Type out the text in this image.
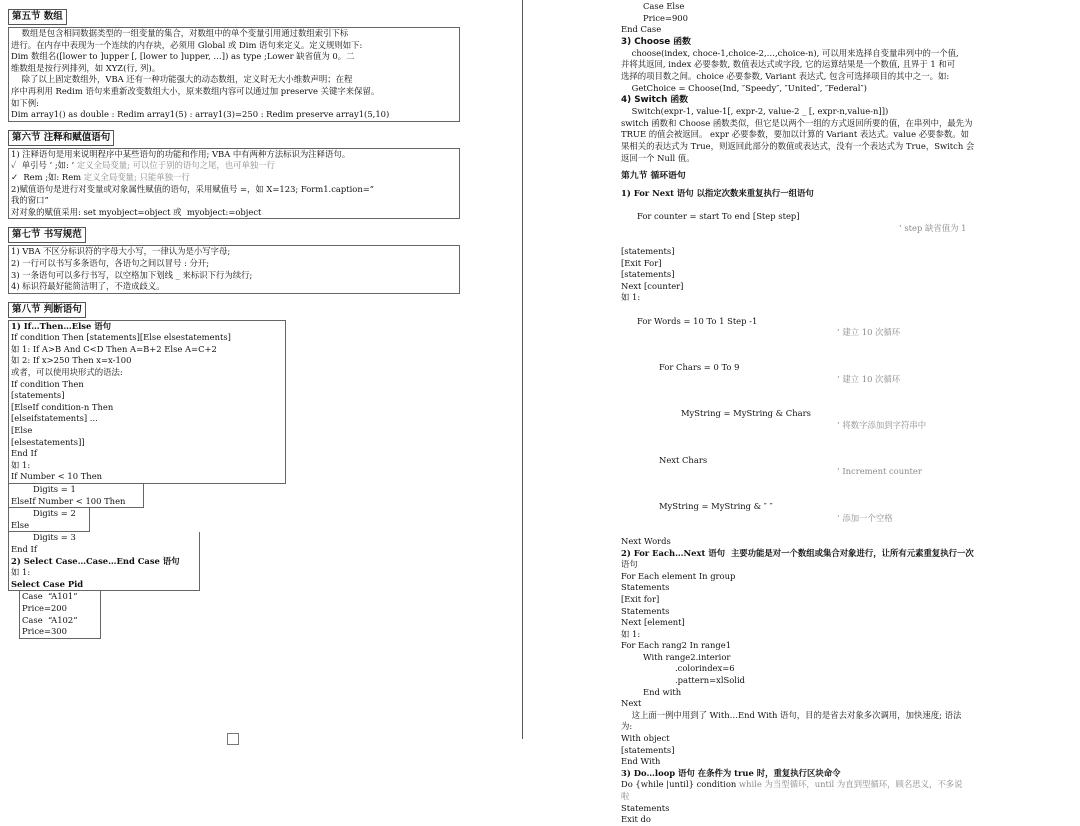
第五节 数组
数组是包含相同数据类型的一组变量的集合，对数组中的单个变量引用通过数组索引下标
进行。在内存中表现为一个连续的内存块，必须用 Global 或 Dim 语句来定义。定义规则如下:
Dim 数组名([lower to ]upper [, [lower to ]upper, …]) as type ;Lower 缺省值为 0。二
维数组是按行列排列，如 XYZ(行, 列)。
除了以上固定数组外，VBA 还有一种功能强大的动态数组，定义时无大小维数声明；在程
序中再利用 Redim 语句来重新改变数组大小，原来数组内容可以通过加 preserve 关键字来保留。
如下例:
Dim array1() as double : Redim array1(5) : array1(3)=250 : Redim preserve array1(5,10)
第六节 注释和赋值语句
1) 注释语句是用来说明程序中某些语句的功能和作用; VBA 中有两种方法标识为注释语句。
✓  单引号 ’ ;如: ’ 定义全局变量; 可以位于别的语句之尾，也可单独一行
✓  Rem ;如: Rem 定义全局变量; 只能单独一行
2)赋值语句是进行对变量或对象属性赋值的语句，采用赋值号 =，如 X=123; Form1.caption=”
我的窗口”
对对象的赋值采用: set myobject=object 或  myobject:=object
第七节 书写规范
1) VBA 不区分标识符的字母大小写，一律认为是小写字母;
2) 一行可以书写多条语句，各语句之间以冒号 : 分开;
3) 一条语句可以多行书写，以空格加下划线 _ 来标识下行为续行;
4) 标识符最好能简洁明了，不造成歧义。
第八节 判断语句
1) If…Then…Else 语句
If condition Then [statements][Else elsestatements]
如 1: If A>B And C<D Then A=B+2 Else A=C+2
如 2: If x>250 Then x=x-100
或者，可以使用块形式的语法:
If condition Then
[statements]
[ElseIf condition-n Then
[elseifstatements] ...
[Else
[elsestatements]]
End If
如 1:
If Number < 10 Then
Digits = 1
ElseIf Number < 100 Then
Digits = 2
Else
Digits = 3
End If
2) Select Case…Case…End Case 语句
如 1:
Select Case Pid
Case  “A101”
Price=200
Case  “A102”
Price=300
Case Else
Price=900
End Case
3) Choose 函数
choose(index, choce-1,choice-2,…,choice-n), 可以用来选择自变量串列中的一个值,
并将其返回, index 必要参数, 数值表达式或字段, 它的运算结果是一个数值, 且界于 1 和可
选择的项目数之间。choice 必要参数, Variant 表达式, 包含可选择项目的其中之一。如:
GetChoice = Choose(Ind, ″Speedy″, ″United″, ″Federal″)
4) Switch 函数
Switch(expr-1, value-1[, expr-2, value-2 _ [, expr-n,value-n]])
switch 函数和 Choose 函数类似，但它是以两个一组的方式返回所要的值，在串列中，最先为
TRUE 的值会被返回。 expr 必要参数，要加以计算的 Variant 表达式。value 必要参数。如
果相关的表达式为 True，则返回此部分的数值或表达式，没有一个表达式为 True，Switch 会
返回一个 Null 值。
第九节 循环语句
1) For Next 语句 以指定次数来重复执行一组语句

For counter = start To end [Step step]

’ step 缺省值为 1

[statements]
[Exit For]
[statements]
Next [counter]
如 1:

For Words = 10 To 1 Step -1

’ 建立 10 次循环

For Chars = 0 To 9

’ 建立 10 次循环

MyString = MyString & Chars

’ 将数字添加到字符串中

Next Chars

’ Increment counter

MyString = MyString & ″ ″

’ 添加一个空格

Next Words
2) For Each…Next 语句  主要功能是对一个数组或集合对象进行，让所有元素重复执行一次
语句
For Each element In group
Statements
[Exit for]
Statements
Next [element]
如 1:
For Each rang2 In range1
With range2.interior
.colorindex=6
.pattern=xlSolid
End with
Next
这上面一例中用到了 With…End With 语句，目的是省去对象多次调用，加快速度; 语法
为:
With object
[statements]
End With
3) Do…loop 语句 在条件为 true 时，重复执行区块命令
Do {while |until} condition while 为当型循环，until 为直到型循环，顾名思义，不多说
啦
Statements
Exit do
